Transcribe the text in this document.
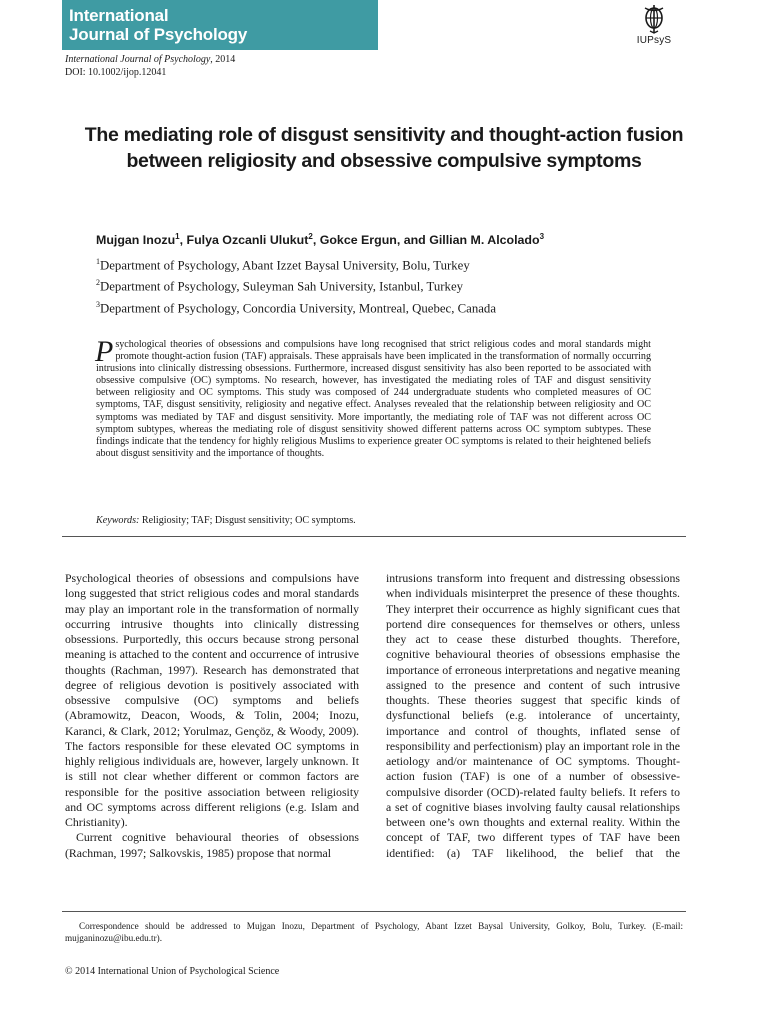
International
Journal of Psychology	IUPsyS
International Journal of Psychology, 2014
DOI: 10.1002/ijop.12041
The mediating role of disgust sensitivity and thought-action fusion between religiosity and obsessive compulsive symptoms
Mujgan Inozu$^1$, Fulya Ozcanli Ulukut$^2$, Gokce Ergun, and Gillian M. Alcolado$^3$
$^1$Department of Psychology, Abant Izzet Baysal University, Bolu, Turkey
$^2$Department of Psychology, Suleyman Sah University, Istanbul, Turkey
$^3$Department of Psychology, Concordia University, Montreal, Quebec, Canada
Psychological theories of obsessions and compulsions have long recognised that strict religious codes and moral standards might promote thought-action fusion (TAF) appraisals. These appraisals have been implicated in the transformation of normally occurring intrusions into clinically distressing obsessions. Furthermore, increased disgust sensitivity has also been reported to be associated with obsessive compulsive (OC) symptoms. No research, however, has investigated the mediating roles of TAF and disgust sensitivity between religiosity and OC symptoms. This study was composed of 244 undergraduate students who completed measures of OC symptoms, TAF, disgust sensitivity, religiosity and negative effect. Analyses revealed that the relationship between religiosity and OC symptoms was mediated by TAF and disgust sensitivity. More importantly, the mediating role of TAF was not different across OC symptom subtypes, whereas the mediating role of disgust sensitivity showed different patterns across OC symptom subtypes. These findings indicate that the tendency for highly religious Muslims to experience greater OC symptoms is related to their heightened beliefs about disgust sensitivity and the importance of thoughts.
Keywords: Religiosity; TAF; Disgust sensitivity; OC symptoms.

Psychological theories of obsessions and compulsions have long suggested that strict religious codes and moral standards may play an important role in the transformation of normally occurring intrusive thoughts into clinically distressing obsessions. Purportedly, this occurs because strong personal meaning is attached to the content and occurrence of intrusive thoughts (Rachman, 1997). Research has demonstrated that degree of religious devotion is positively associated with obsessive compulsive (OC) symptoms and beliefs (Abramowitz, Deacon, Woods, & Tolin, 2004; Inozu, Karanci, & Clark, 2012; Yorulmaz, Gençöz, & Woody, 2009). The factors responsible for these elevated OC symptoms in highly religious individuals are, however, largely unknown. It is still not clear whether different or common factors are responsible for the positive association between religiosity and OC symptoms across different religions (e.g. Islam and Christianity).

Current cognitive behavioural theories of obsessions (Rachman, 1997; Salkovskis, 1985) propose that normal

intrusions transform into frequent and distressing obsessions when individuals misinterpret the presence of these thoughts. They interpret their occurrence as highly significant cues that portend dire consequences for themselves or others, unless they act to cease these disturbed thoughts. Therefore, cognitive behavioural theories of obsessions emphasise the importance of erroneous interpretations and negative meaning assigned to the presence and content of such intrusive thoughts. These theories suggest that specific kinds of dysfunctional beliefs (e.g. intolerance of uncertainty, importance and control of thoughts, inflated sense of responsibility and perfectionism) play an important role in the aetiology and/or maintenance of OC symptoms. Thought-action fusion (TAF) is one of a number of obsessive-compulsive disorder (OCD)-related faulty beliefs. It refers to a set of cognitive biases involving faulty causal relationships between one’s own thoughts and external reality. Within the concept of TAF, two different types of TAF have been identified: (a) TAF likelihood, the belief that the

Correspondence should be addressed to Mujgan Inozu, Department of Psychology, Abant Izzet Baysal University, Golkoy, Bolu, Turkey. (E-mail: mujganinozu@ibu.edu.tr).
© 2014 International Union of Psychological Science
